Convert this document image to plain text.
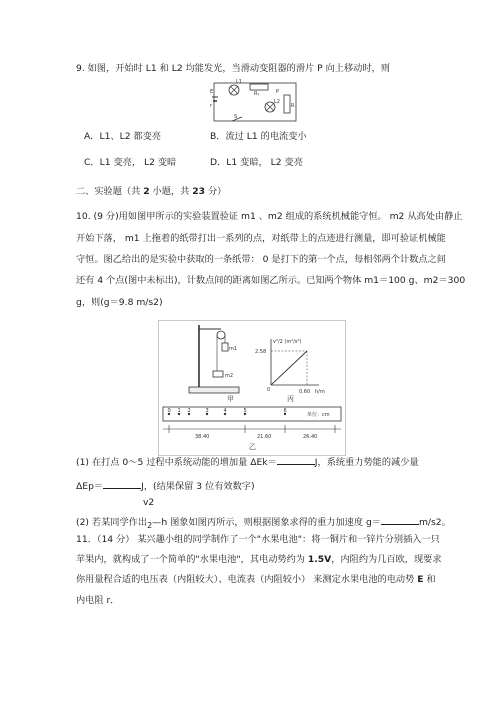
9. 如图，开始时 L1 和 L2 均能发光，当滑动变阻器的滑片 P 向上移动时，则
L1
R₁
L2
R
P
E
r
S
A．L1、L2 都变亮	B．流过 L1 的电流变小
C．L1 变亮， L2 变暗	D．L1 变暗， L2 变亮
二、实验题（共 2 小题，共 23 分）
10. (9 分)用如图甲所示的实验装置验证 m1 、m2 组成的系统机械能守恒。 m2 从高处由静止
开始下落， m1 上拖着的纸带打出一系列的点，对纸带上的点迹进行测量，即可验证机械能
守恒。图乙给出的是实验中获取的一条纸带： 0 是打下的第一个点，每相邻两个计数点之间
还有 4 个点(图中未标出)，计数点间的距离如图乙所示。已知两个物体 m1＝100 g、m2＝300
g，则(g＝9.8 m/s2)
m1
m2
甲
v²/2 (m²/s²)
2.58
0.60 h/m
0
丙
单位：cm
38.40	21.60	26.40
乙
0 1 2	3	4	5	6
(1) 在打点 0～5 过程中系统动能的增加量 ΔEk＝	J，系统重力势能的减少量
ΔEp＝	J，(结果保留 3 位有效数字)
v2
(2) 若某同学作出2—h 图象如图丙所示，则根据图象求得的重力加速度 g＝	m/s2。
11．（14 分） 某兴趣小组的同学制作了一个"水果电池"：将一铜片和一锌片分别插入一只
苹果内，就构成了一个简单的"水果电池"，其电动势约为 1.5V，内阻约为几百欧，现要求
你用量程合适的电压表（内阻较大）、电流表（内阻较小） 来测定水果电池的电动势 E 和
内电阻 r．
